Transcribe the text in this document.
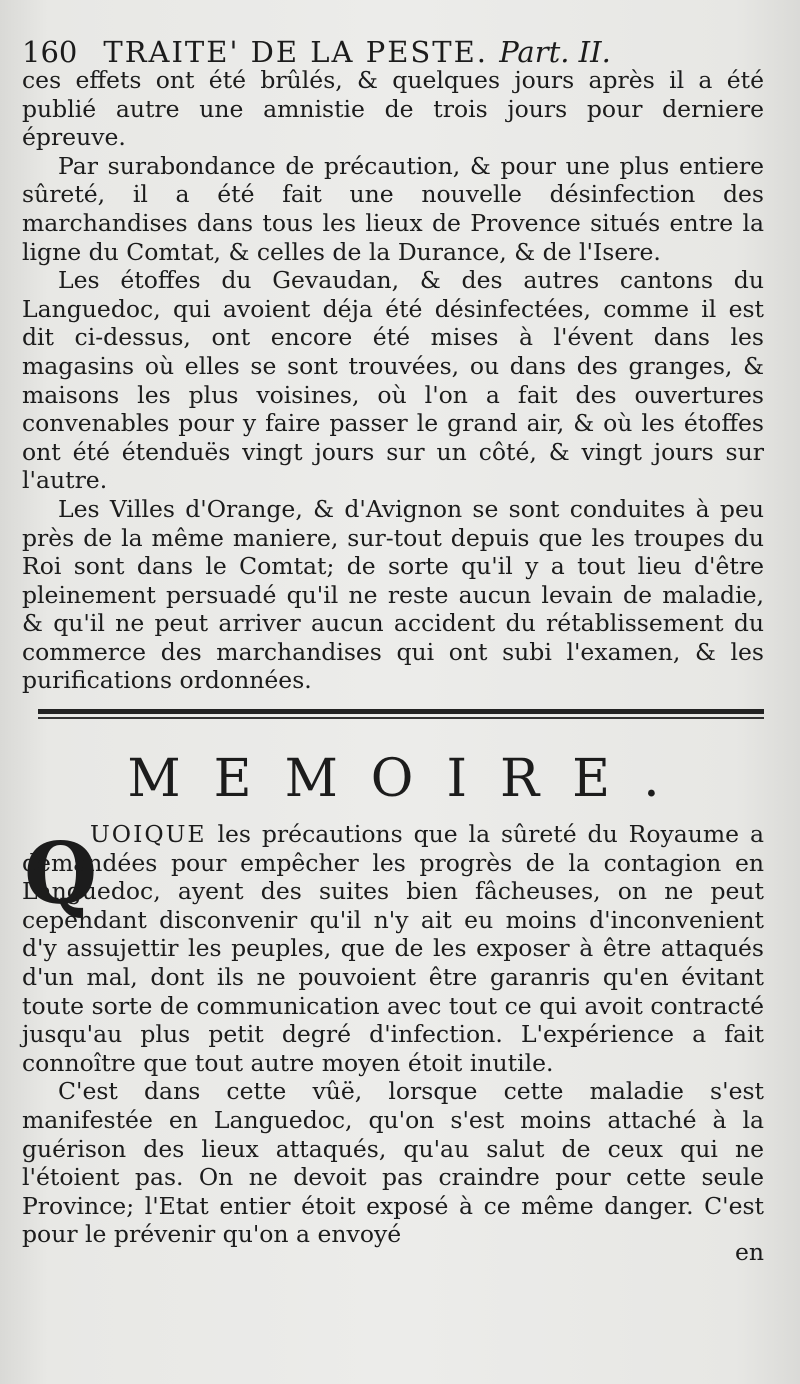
160 TRAITE' DE LA PESTE. Part. II.

ces effets ont été brûlés, & quelques jours après il a été publié autre une amnistie de trois jours pour derniere épreuve.

Par surabondance de précaution, & pour une plus entiere sûreté, il a été fait une nouvelle désinfection des marchandises dans tous les lieux de Provence situés entre la ligne du Comtat, & celles de la Durance, & de l'Isere.

Les étoffes du Gevaudan, & des autres cantons du Languedoc, qui avoient déja été désinfectées, comme il est dit ci-dessus, ont encore été mises à l'évent dans les magasins où elles se sont trouvées, ou dans des granges, & maisons les plus voisines, où l'on a fait des ouvertures convenables pour y faire passer le grand air, & où les étoffes ont été étenduës vingt jours sur un côté, & vingt jours sur l'autre.

Les Villes d'Orange, & d'Avignon se sont conduites à peu près de la même maniere, sur-tout depuis que les troupes du Roi sont dans le Comtat; de sorte qu'il y a tout lieu d'être pleinement persuadé qu'il ne reste aucun levain de maladie, & qu'il ne peut arriver aucun accident du rétablissement du commerce des marchandises qui ont subi l'examen, & les purifications ordonnées.

MEMOIRE.
Q

UOIQUE les précautions que la sûreté du Royaume a demandées pour empêcher les progrès de la contagion en Languedoc, ayent des suites bien fâcheuses, on ne peut cependant disconvenir qu'il n'y ait eu moins d'inconvenient d'y assujettir les peuples, que de les exposer à être attaqués d'un mal, dont ils ne pouvoient être garanris qu'en évitant toute sorte de communication avec tout ce qui avoit contracté jusqu'au plus petit degré d'infection. L'expérience a fait connoître que tout autre moyen étoit inutile.

C'est dans cette vûë, lorsque cette maladie s'est manifestée en Languedoc, qu'on s'est moins attaché à la guérison des lieux attaqués, qu'au salut de ceux qui ne l'étoient pas. On ne devoit pas craindre pour cette seule Province; l'Etat entier étoit exposé à ce même danger. C'est pour le prévenir qu'on a envoyé

en
